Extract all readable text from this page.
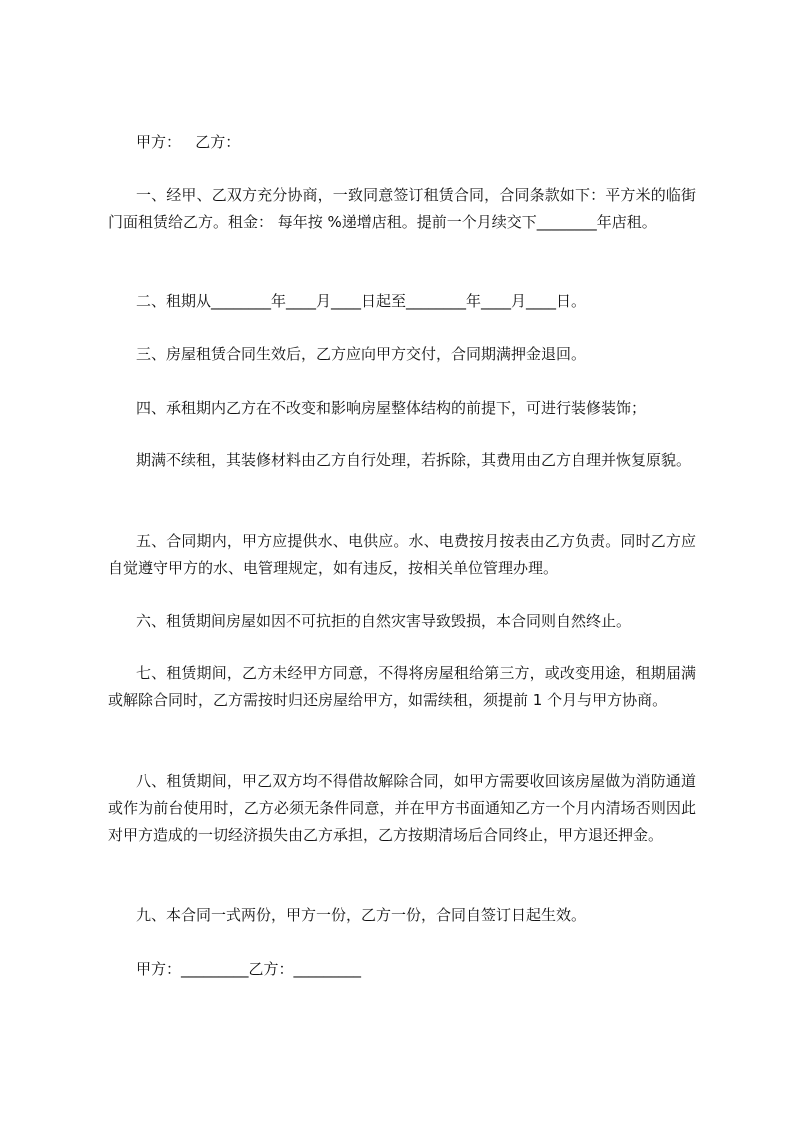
甲方：   乙方：
一、经甲、乙双方充分协商，一致同意签订租赁合同，合同条款如下：平方米的临街门面租赁给乙方。租金： 每年按 %递增店租。提前一个月续交下________年店租。
二、租期从________年____月____日起至________年____月____日。
三、房屋租赁合同生效后，乙方应向甲方交付，合同期满押金退回。
四、承租期内乙方在不改变和影响房屋整体结构的前提下，可进行装修装饰；
期满不续租，其装修材料由乙方自行处理，若拆除，其费用由乙方自理并恢复原貌。
五、合同期内，甲方应提供水、电供应。水、电费按月按表由乙方负责。同时乙方应自觉遵守甲方的水、电管理规定，如有违反，按相关单位管理办理。
六、租赁期间房屋如因不可抗拒的自然灾害导致毁损，本合同则自然终止。
七、租赁期间，乙方未经甲方同意，不得将房屋租给第三方，或改变用途，租期届满或解除合同时，乙方需按时归还房屋给甲方，如需续租，须提前 1 个月与甲方协商。
八、租赁期间，甲乙双方均不得借故解除合同，如甲方需要收回该房屋做为消防通道或作为前台使用时，乙方必须无条件同意，并在甲方书面通知乙方一个月内清场否则因此对甲方造成的一切经济损失由乙方承担，乙方按期清场后合同终止，甲方退还押金。
九、本合同一式两份，甲方一份，乙方一份，合同自签订日起生效。
甲方：_________乙方：_________
